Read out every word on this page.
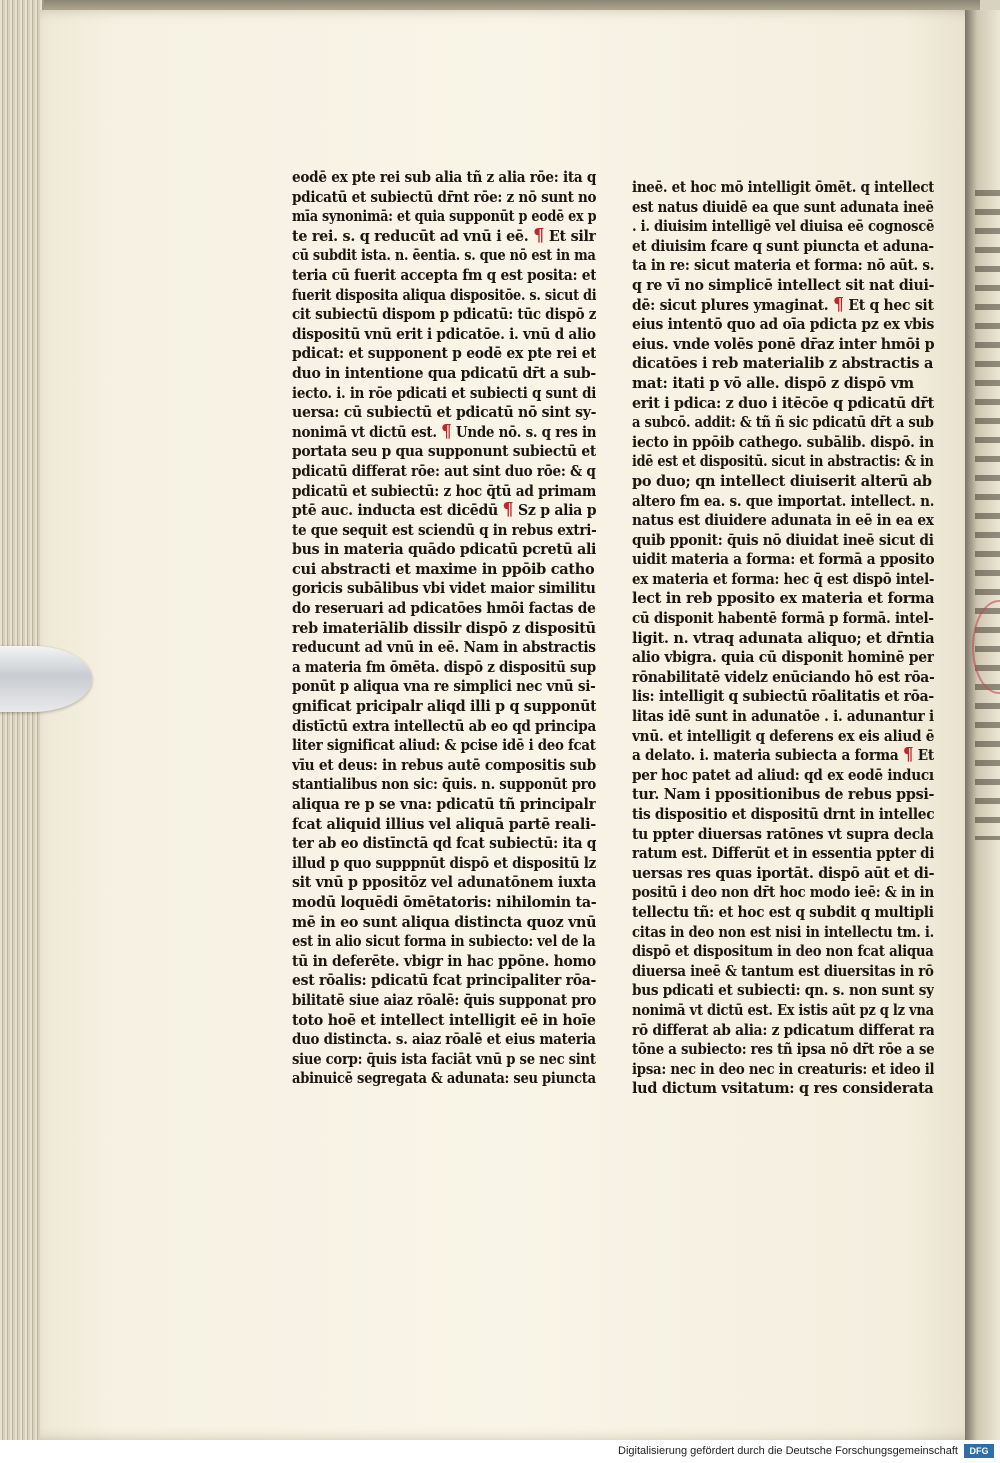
eodē ex pte rei sub alia tñ z alia rōe: ita q
pdicatū et subiectū dr̄nt rōe: z nō sunt no
mīa synonimā: et quia supponūt p eodē ex p
te rei. s. q reducūt ad vnū i eē. ¶ Et silr
cū subdit ista. n. ēentia. s. que nō est in ma
teria cū fuerit accepta fm q est posita: et
fuerit disposita aliqua dispositōe. s. sicut di
cit subiectū dispom p pdicatū: tūc dispō z
dispositū vnū erit i pdicatōe. i. vnū d alio
pdicat: et supponent p eodē ex pte rei et
duo in intentione qua pdicatū dr̄t a sub-
iecto. i. in rōe pdicati et subiecti q sunt di
uersa: cū subiectū et pdicatū nō sint sy-
nonimā vt dictū est. ¶ Unde nō. s. q res in
portata seu p qua supponunt subiectū et
pdicatū differat rōe: aut sint duo rōe: & q
pdicatū et subiectū: z hoc q̄tū ad primam
ptē auc. inducta est dicēdū ¶ Sz p alia p
te que sequit est sciendū q in rebus extri-
bus in materia quādo pdicatū pcretū ali
cui abstracti et maxime in ppōib catho
goricis subālibus vbi videt maior similitu
do reseruari ad pdicatōes hmōi factas de
reb imateriālib dissilr dispō z dispositū
reducunt ad vnū in eē. Nam in abstractis
a materia fm ōmēta. dispō z dispositū sup
ponūt p aliqua vna re simplici nec vnū si-
gnificat pricipalr aliqd illi p q supponūt
distīctū extra intellectū ab eo qd principa
liter significat aliud: & pcise idē i deo fcat
vīu et deus: in rebus autē compositis sub
stantialibus non sic: q̄uis. n. supponūt pro
aliqua re p se vna: pdicatū tñ principalr
fcat aliquid illius vel aliquā partē reali-
ter ab eo distīnctā qd fcat subiectū: ita q
illud p quo supppnūt dispō et dispositū lz
sit vnū p ppositōz vel adunatōnem iuxta
modū loquēdi ōmētatoris: nihilomin ta-
mē in eo sunt aliqua distincta quoz vnū
est in alio sicut forma in subiecto: vel de la
tū in deferēte. vbigr in hac ppōne. homo
est rōalis: pdicatū fcat principaliter rōa-
bilitatē siue aiaz rōalē: q̄uis supponat pro
toto hoē et intellect intelligit eē in hoīe
duo distincta. s. aiaz rōalē et eius materia
siue corp: q̄uis ista faciāt vnū p se nec sint
abinuicē segregata & adunata: seu piuncta
ineē. et hoc mō intelligit ōmēt. q intellect
est natus diuidē ea que sunt adunata ineē
. i. diuisim intelligē vel diuisa eē cognoscē
et diuisim fcare q sunt piuncta et aduna-
ta in re: sicut materia et forma: nō aūt. s.
q re vī no simplicē intellect sit nat diui-
dē: sicut plures ymaginat. ¶ Et q hec sit
eius intentō quo ad oīa pdicta pz ex vbis
eius. vnde volēs ponē dr̄az inter hmōi p
dicatōes i reb materialib z abstractis a
mat: itati p vō alle. dispō z dispō vm
erit i pdica: z duo i itēcōe q pdicatū dr̄t
a subcō. addit: & tñ ñ sic pdicatū dr̄t a sub
iecto in ppōib cathego. subālib. dispō. in
idē est et dispositū. sicut in abstractis: & in
po duo; qn intellect diuiserit alterū ab
altero fm ea. s. que importat. intellect. n.
natus est diuidere adunata in eē in ea ex
quib pponit: q̄uis nō diuidat ineē sicut di
uidit materia a forma: et formā a pposito
ex materia et forma: hec q̄ est dispō intel-
lect in reb pposito ex materia et forma
cū disponit habentē formā p formā. intel-
ligit. n. vtraq adunata aliquo; et dr̄ntia
alio vbigra. quia cū disponit hominē per
rōnabilitatē videlz enūciando hō est rōa-
lis: intelligit q subiectū rōalitatis et rōa-
litas idē sunt in adunatōe . i. adunantur i
vnū. et intelligit q deferens ex eis aliud ē
a delato. i. materia subiecta a forma ¶ Et
per hoc patet ad aliud: qd ex eodē inducı
tur. Nam i ppositionibus de rebus ppsi-
tis dispositio et dispositū drnt in intellec
tu ppter diuersas ratōnes vt supra decla
ratum est. Differūt et in essentia ppter di
uersas res quas iportāt. dispō aūt et di-
positū i deo non dr̄t hoc modo ieē: & in in
tellectu tñ: et hoc est q subdit q multipli
citas in deo non est nisi in intellectu tm. i.
dispō et dispositum in deo non fcat aliqua
diuersa ineē & tantum est diuersitas in rō
bus pdicati et subiecti: qn. s. non sunt sy
nonimā vt dictū est. Ex istis aūt pz q lz vna
rō differat ab alia: z pdicatum differat ra
tōne a subiecto: res tñ ipsa nō dr̄t rōe a se
ipsa: nec in deo nec in creaturis: et ideo il
lud dictum vsitatum: q res considerata
Digitalisierung gefördert durch die Deutsche Forschungsgemeinschaft	DFG
